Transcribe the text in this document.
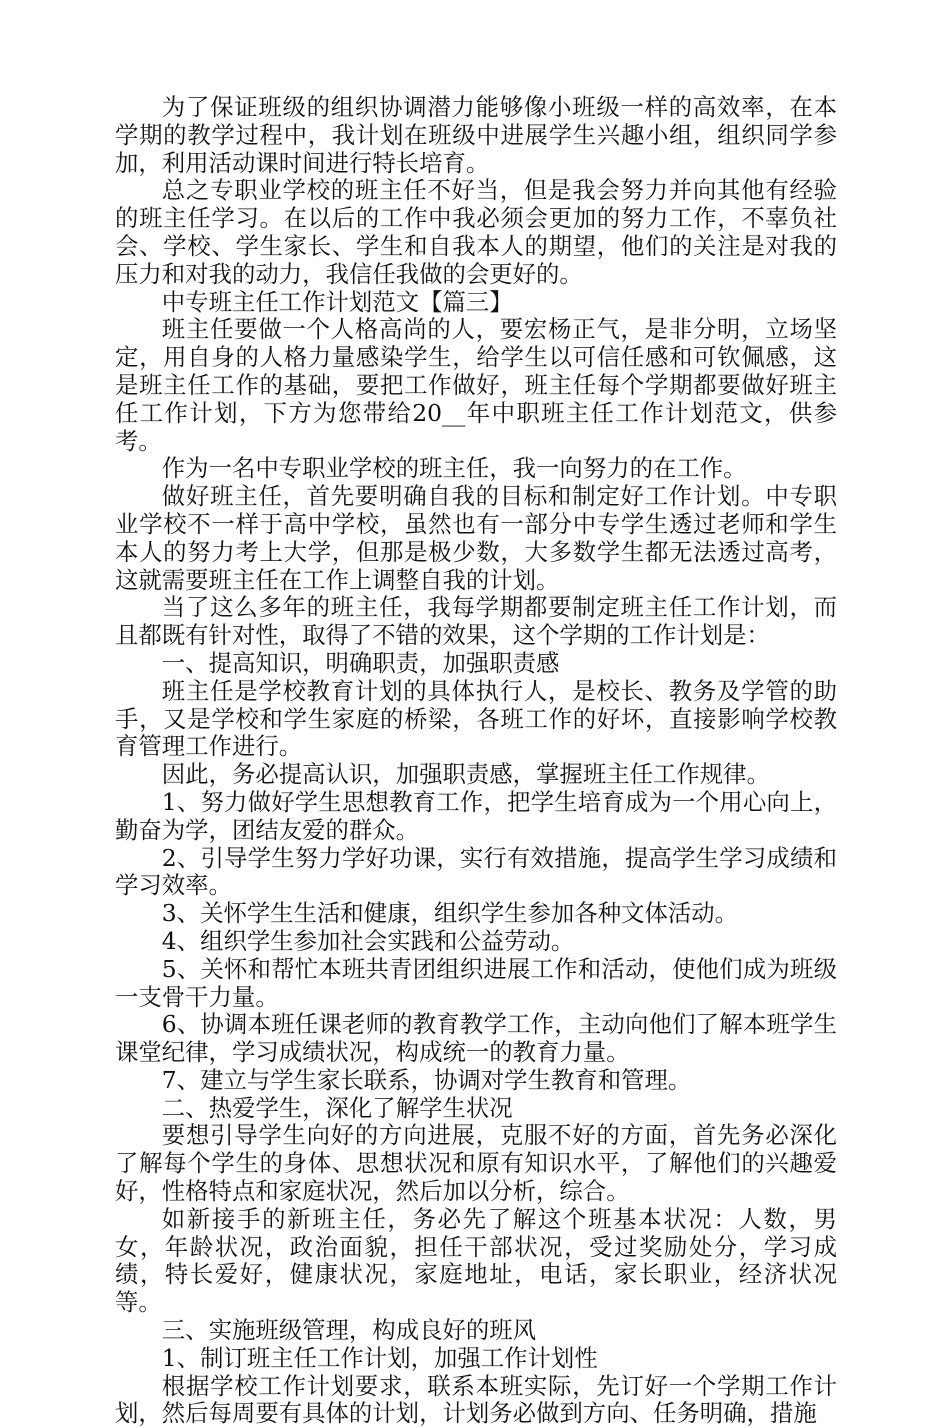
为了保证班级的组织协调潜力能够像小班级一样的高效率，在本学期的教学过程中，我计划在班级中进展学生兴趣小组，组织同学参加，利用活动课时间进行特长培育。

总之专职业学校的班主任不好当，但是我会努力并向其他有经验的班主任学习。在以后的工作中我必须会更加的努力工作，不辜负社会、学校、学生家长、学生和自我本人的期望，他们的关注是对我的压力和对我的动力，我信任我做的会更好的。

中专班主任工作计划范文【篇三】

班主任要做一个人格高尚的人，要宏杨正气，是非分明，立场坚定，用自身的人格力量感染学生，给学生以可信任感和可钦佩感，这是班主任工作的基础，要把工作做好，班主任每个学期都要做好班主任工作计划，下方为您带给20__年中职班主任工作计划范文，供参考。

作为一名中专职业学校的班主任，我一向努力的在工作。

做好班主任，首先要明确自我的目标和制定好工作计划。中专职业学校不一样于高中学校，虽然也有一部分中专学生透过老师和学生本人的努力考上大学，但那是极少数，大多数学生都无法透过高考，这就需要班主任在工作上调整自我的计划。

当了这么多年的班主任，我每学期都要制定班主任工作计划，而且都既有针对性，取得了不错的效果，这个学期的工作计划是：

一、提高知识，明确职责，加强职责感

班主任是学校教育计划的具体执行人，是校长、教务及学管的助手，又是学校和学生家庭的桥梁，各班工作的好坏，直接影响学校教育管理工作进行。

因此，务必提高认识，加强职责感，掌握班主任工作规律。

1、努力做好学生思想教育工作，把学生培育成为一个用心向上，勤奋为学，团结友爱的群众。

2、引导学生努力学好功课，实行有效措施，提高学生学习成绩和学习效率。

3、关怀学生生活和健康，组织学生参加各种文体活动。

4、组织学生参加社会实践和公益劳动。

5、关怀和帮忙本班共青团组织进展工作和活动，使他们成为班级一支骨干力量。

6、协调本班任课老师的教育教学工作，主动向他们了解本班学生课堂纪律，学习成绩状况，构成统一的教育力量。

7、建立与学生家长联系，协调对学生教育和管理。

二、热爱学生，深化了解学生状况

要想引导学生向好的方向进展，克服不好的方面，首先务必深化了解每个学生的身体、思想状况和原有知识水平，了解他们的兴趣爱好，性格特点和家庭状况，然后加以分析，综合。

如新接手的新班主任，务必先了解这个班基本状况：人数，男女，年龄状况，政治面貌，担任干部状况，受过奖励处分，学习成绩，特长爱好，健康状况，家庭地址，电话，家长职业，经济状况等。

三、实施班级管理，构成良好的班风

1、制订班主任工作计划，加强工作计划性

根据学校工作计划要求，联系本班实际，先订好一个学期工作计划，然后每周要有具体的计划，计划务必做到方向、任务明确，措施
